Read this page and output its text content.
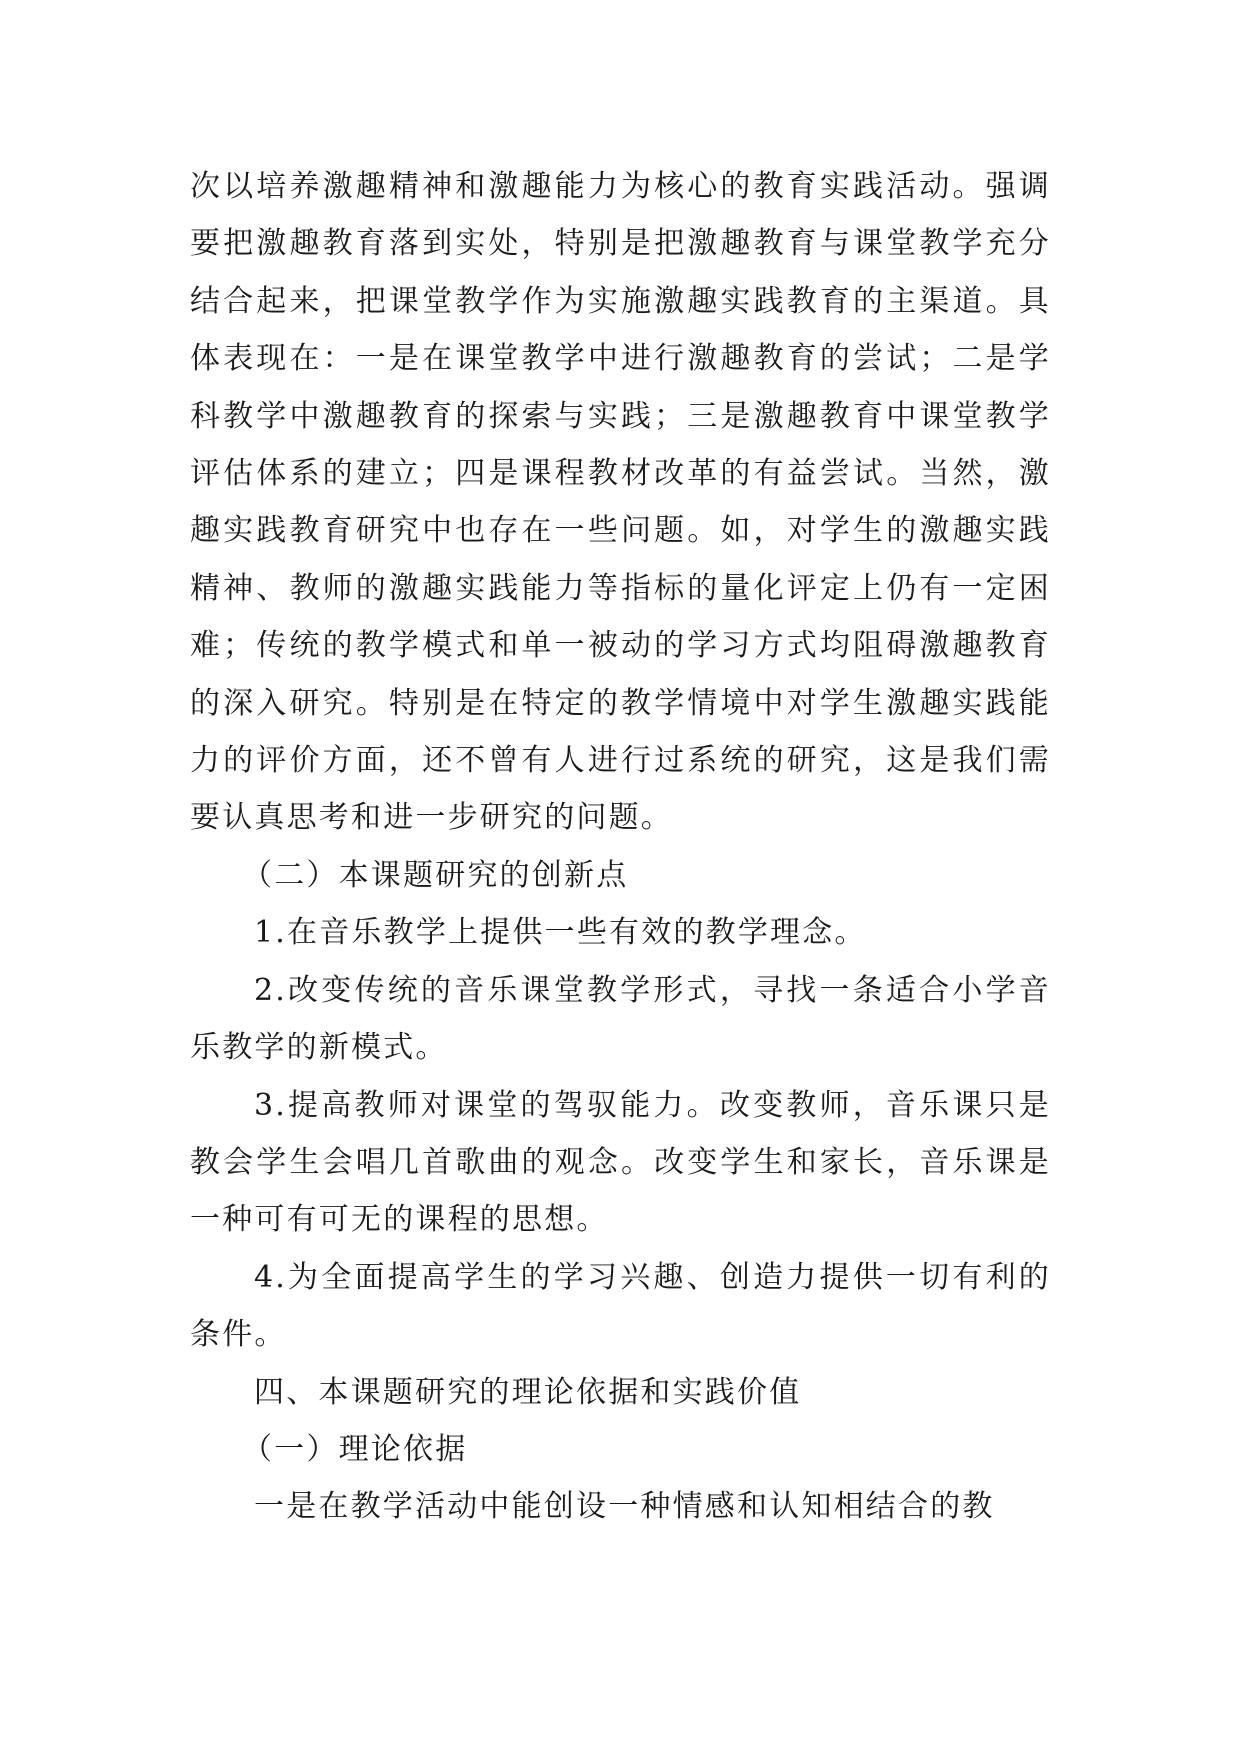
次以培养激趣精神和激趣能力为核心的教育实践活动。强调要把激趣教育落到实处，特别是把激趣教育与课堂教学充分结合起来，把课堂教学作为实施激趣实践教育的主渠道。具体表现在：一是在课堂教学中进行激趣教育的尝试；二是学科教学中激趣教育的探索与实践；三是激趣教育中课堂教学评估体系的建立；四是课程教材改革的有益尝试。当然，激趣实践教育研究中也存在一些问题。如，对学生的激趣实践精神、教师的激趣实践能力等指标的量化评定上仍有一定困难；传统的教学模式和单一被动的学习方式均阻碍激趣教育的深入研究。特别是在特定的教学情境中对学生激趣实践能力的评价方面，还不曾有人进行过系统的研究，这是我们需要认真思考和进一步研究的问题。

（二）本课题研究的创新点

1.在音乐教学上提供一些有效的教学理念。

2.改变传统的音乐课堂教学形式，寻找一条适合小学音乐教学的新模式。

3.提高教师对课堂的驾驭能力。改变教师，音乐课只是教会学生会唱几首歌曲的观念。改变学生和家长，音乐课是一种可有可无的课程的思想。

4.为全面提高学生的学习兴趣、创造力提供一切有利的条件。

四、本课题研究的理论依据和实践价值

（一）理论依据

一是在教学活动中能创设一种情感和认知相结合的教
